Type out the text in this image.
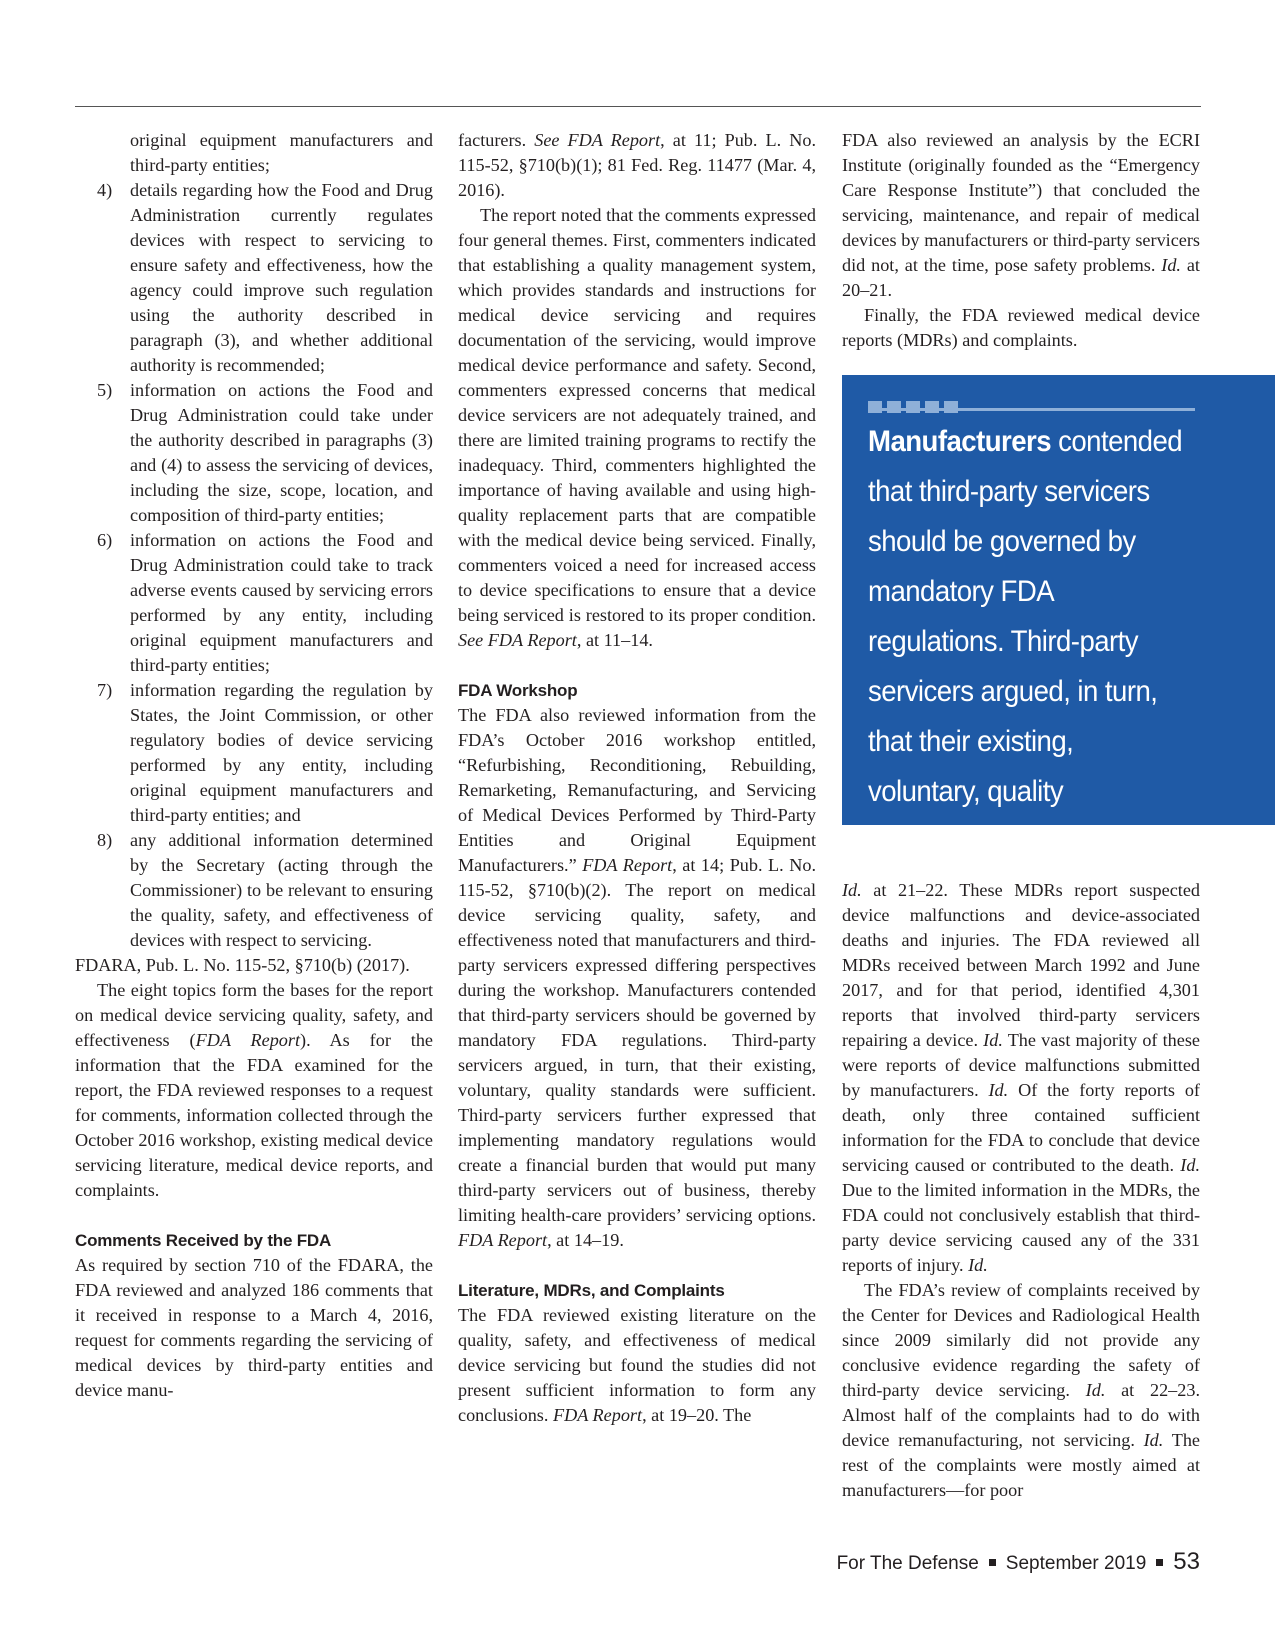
original equipment manufacturers and third-party entities;
4) details regarding how the Food and Drug Administration currently regulates devices with respect to servicing to ensure safety and effectiveness, how the agency could improve such regulation using the authority described in paragraph (3), and whether additional authority is recommended;
5) information on actions the Food and Drug Administration could take under the authority described in paragraphs (3) and (4) to assess the servicing of devices, including the size, scope, location, and composition of third-party entities;
6) information on actions the Food and Drug Administration could take to track adverse events caused by servicing errors performed by any entity, including original equipment manufacturers and third-party entities;
7) information regarding the regulation by States, the Joint Commission, or other regulatory bodies of device servicing performed by any entity, including original equipment manufacturers and third-party entities; and
8) any additional information determined by the Secretary (acting through the Commissioner) to be relevant to ensuring the quality, safety, and effectiveness of devices with respect to servicing.

FDARA, Pub. L. No. 115-52, §710(b) (2017).

The eight topics form the bases for the report on medical device servicing quality, safety, and effectiveness (FDA Report). As for the information that the FDA examined for the report, the FDA reviewed responses to a request for comments, information collected through the October 2016 workshop, existing medical device servicing literature, medical device reports, and complaints.

Comments Received by the FDA

As required by section 710 of the FDARA, the FDA reviewed and analyzed 186 comments that it received in response to a March 4, 2016, request for comments regarding the servicing of medical devices by third-party entities and device manu-

facturers. See FDA Report, at 11; Pub. L. No. 115-52, §710(b)(1); 81 Fed. Reg. 11477 (Mar. 4, 2016).

The report noted that the comments expressed four general themes. First, commenters indicated that establishing a quality management system, which provides standards and instructions for medical device servicing and requires documentation of the servicing, would improve medical device performance and safety. Second, commenters expressed concerns that medical device servicers are not adequately trained, and there are limited training programs to rectify the inadequacy. Third, commenters highlighted the importance of having available and using high-quality replacement parts that are compatible with the medical device being serviced. Finally, commenters voiced a need for increased access to device specifications to ensure that a device being serviced is restored to its proper condition. See FDA Report, at 11–14.

FDA Workshop

The FDA also reviewed information from the FDA’s October 2016 workshop entitled, “Refurbishing, Reconditioning, Rebuilding, Remarketing, Remanufacturing, and Servicing of Medical Devices Performed by Third-Party Entities and Original Equipment Manufacturers.” FDA Report, at 14; Pub. L. No. 115-52, §710(b)(2). The report on medical device servicing quality, safety, and effectiveness noted that manufacturers and third-party servicers expressed differing perspectives during the workshop. Manufacturers contended that third-party servicers should be governed by mandatory FDA regulations. Third-party servicers argued, in turn, that their existing, voluntary, quality standards were sufficient. Third-party servicers further expressed that implementing mandatory regulations would create a financial burden that would put many third-party servicers out of business, thereby limiting health-care providers’ servicing options. FDA Report, at 14–19.

Literature, MDRs, and Complaints

The FDA reviewed existing literature on the quality, safety, and effectiveness of medical device servicing but found the studies did not present sufficient information to form any conclusions. FDA Report, at 19–20. The

FDA also reviewed an analysis by the ECRI Institute (originally founded as the “Emergency Care Response Institute”) that concluded the servicing, maintenance, and repair of medical devices by manufacturers or third-party servicers did not, at the time, pose safety problems. Id. at 20–21.

Finally, the FDA reviewed medical device reports (MDRs) and complaints.

Manufacturers contended that third-party servicers should be governed by mandatory FDA regulations. Third-party servicers argued, in turn, that their existing, voluntary, quality standards were sufficient.

Id. at 21–22. These MDRs report suspected device malfunctions and device-associated deaths and injuries. The FDA reviewed all MDRs received between March 1992 and June 2017, and for that period, identified 4,301 reports that involved third-party servicers repairing a device. Id. The vast majority of these were reports of device malfunctions submitted by manufacturers. Id. Of the forty reports of death, only three contained sufficient information for the FDA to conclude that device servicing caused or contributed to the death. Id. Due to the limited information in the MDRs, the FDA could not conclusively establish that third-party device servicing caused any of the 331 reports of injury. Id.

The FDA’s review of complaints received by the Center for Devices and Radiological Health since 2009 similarly did not provide any conclusive evidence regarding the safety of third-party device servicing. Id. at 22–23. Almost half of the complaints had to do with device remanufacturing, not servicing. Id. The rest of the complaints were mostly aimed at manufacturers—for poor

For The Defense September 2019 53
